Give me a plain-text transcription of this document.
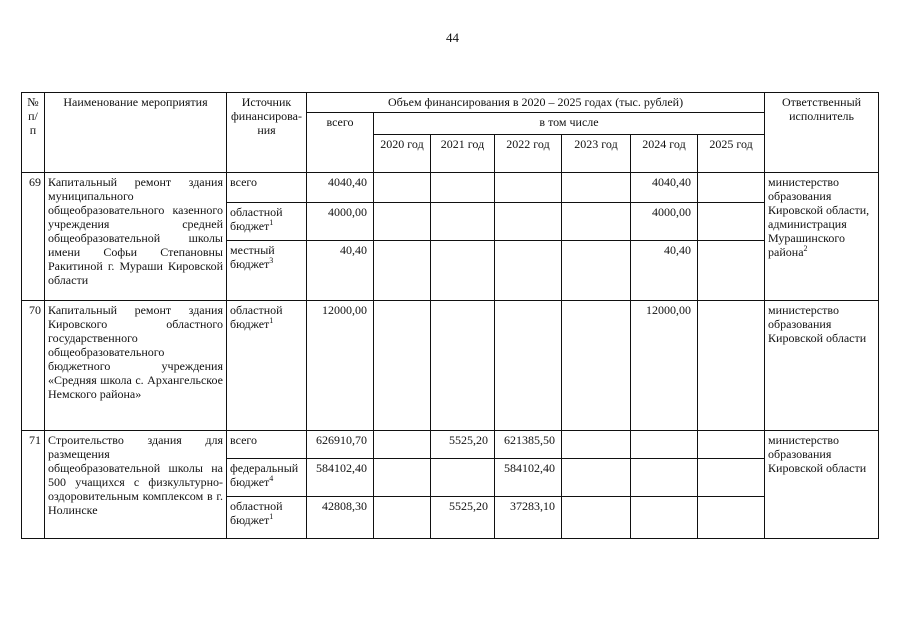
44
№ п/п	Наименование мероприятия	Источник финансирова-ния	Объем финансирования в 2020 – 2025 годах (тыс. рублей)							Ответственный исполнитель
			всего	в том числе						
				2020 год	2021 год	2022 год	2023 год	2024 год	2025 год	
69	Капитальный ремонт здания муниципального общеобразовательного казенного учреждения средней общеобразовательной школы имени Софьи Степановны Ракитиной г. Мураши Кировской области	всего	4040,40					4040,40		министерство образования Кировской области, администрация Мурашинского района$^2$
		областной бюджет$^1$	4000,00					4000,00		
		местный бюджет$^3$	40,40					40,40		
70	Капитальный ремонт здания Кировского областного государственного общеобразовательного бюджетного учреждения «Средняя школа с. Архангельское Немского района»	областной бюджет$^1$	12000,00					12000,00		министерство образования Кировской области
71	Строительство здания для размещения общеобразовательной школы на 500 учащихся с физкультурно-оздоровительным комплексом в г. Нолинске	всего	626910,70		5525,20	621385,50				министерство образования Кировской области
		федеральный бюджет$^4$	584102,40			584102,40				
		областной бюджет$^1$	42808,30		5525,20	37283,10				
